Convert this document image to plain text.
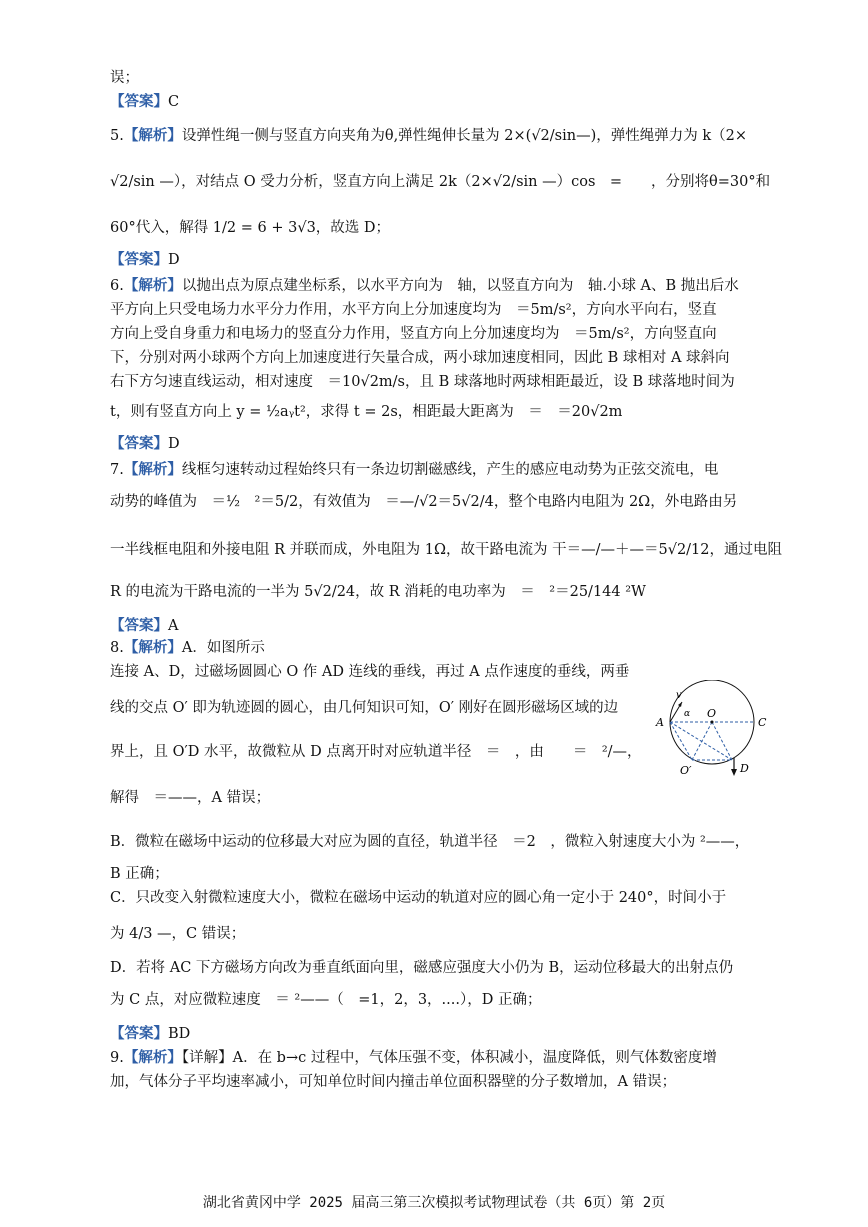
误；
【答案】C
5.【解析】设弹性绳一侧与竖直方向夹角为θ,弹性绳伸长量为 2×(√2/sin—)，弹性绳弹力为 k（2×
√2/sin —），对结点 O 受力分析，竖直方向上满足 2k（2×√2/sin —）cos　=　　，分别将θ=30°和
60°代入，解得 1/2 = 6 + 3√3，故选 D；
【答案】D
6.【解析】以抛出点为原点建坐标系，以水平方向为　轴，以竖直方向为　轴.小球 A、B 抛出后水
平方向上只受电场力水平分力作用，水平方向上分加速度均为　＝5m/s²，方向水平向右，竖直
方向上受自身重力和电场力的竖直分力作用，竖直方向上分加速度均为　＝5m/s²，方向竖直向
下，分别对两小球两个方向上加速度进行矢量合成，两小球加速度相同，因此 B 球相对 A 球斜向
右下方匀速直线运动，相对速度　＝10√2m/s，且 B 球落地时两球相距最近，设 B 球落地时间为
t，则有竖直方向上 y = ½aᵧt²，求得 t = 2s，相距最大距离为　＝　＝20√2m
【答案】D
7.【解析】线框匀速转动过程始终只有一条边切割磁感线，产生的感应电动势为正弦交流电，电
动势的峰值为　＝½　²＝5/2，有效值为　＝—/√2＝5√2/4，整个电路内电阻为 2Ω，外电路由另
一半线框电阻和外接电阻 R 并联而成，外电阻为 1Ω，故干路电流为 干＝—/—＋—＝5√2/12，通过电阻
R 的电流为干路电流的一半为 5√2/24，故 R 消耗的电功率为　＝　²＝25/144 ²W
【答案】A
8.【解析】A．如图所示
连接 A、D，过磁场圆圆心 O 作 AD 连线的垂线，再过 A 点作速度的垂线，两垂
线的交点 O′ 即为轨迹圆的圆心，由几何知识可知，O′ 刚好在圆形磁场区域的边
界上，且 O′D 水平，故微粒从 D 点离开时对应轨道半径　＝　，由　　＝　²/—，
解得　＝——，A 错误；
B．微粒在磁场中运动的位移最大对应为圆的直径，轨道半径　＝2　，微粒入射速度大小为 ²——，
B 正确；
C．只改变入射微粒速度大小，微粒在磁场中运动的轨道对应的圆心角一定小于 240°，时间小于
为 4/3 —，C 错误；
D．若将 AC 下方磁场方向改为垂直纸面向里，磁感应强度大小仍为 B，运动位移最大的出射点仍
为 C 点，对应微粒速度　＝ ²——（　=1，2，3，....），D 正确；
【答案】BD
9.【解析】【详解】A．在 b→c 过程中，气体压强不变，体积减小，温度降低，则气体数密度增
加，气体分子平均速率减小，可知单位时间内撞击单位面积器壁的分子数增加，A 错误；
A
O
C
D
O′
v
α
湖北省黄冈中学 2025 届高三第三次模拟考试物理试卷（共 6页）第 2页
